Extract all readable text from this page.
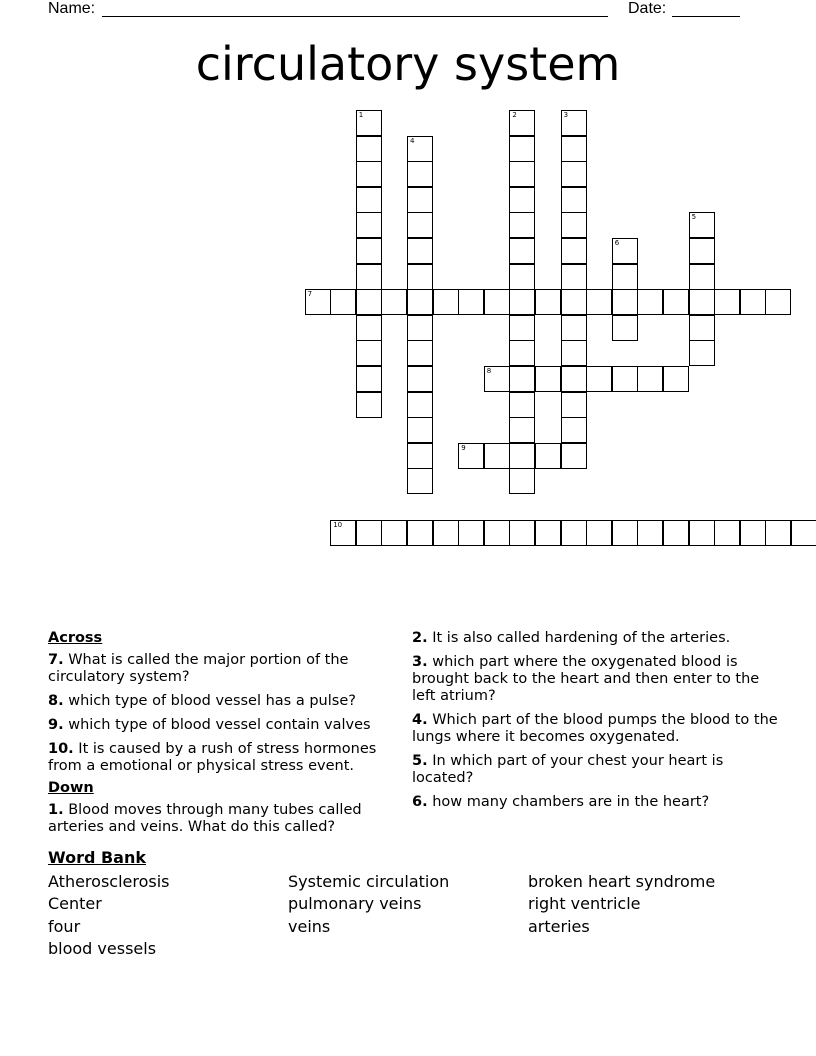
Name:	Date:
circulatory system
1	2	3
4
5
6
7
8
9
10
Across
7. What is called the major portion of the circulatory system?
8. which type of blood vessel has a pulse?
9. which type of blood vessel contain valves
10. It is caused by a rush of stress hormones from a emotional or physical stress event.
Down
1. Blood moves through many tubes called arteries and veins. What do this called?
2. It is also called hardening of the arteries.
3. which part where the oxygenated blood is brought back to the heart and then enter to the left atrium?
4. Which part of the blood pumps the blood to the lungs where it becomes oxygenated.
5. In which part of your chest your heart is located?
6. how many chambers are in the heart?
Word Bank
Atherosclerosis	Systemic circulation	broken heart syndrome
Center	pulmonary veins	right ventricle
four	veins	arteries
blood vessels
